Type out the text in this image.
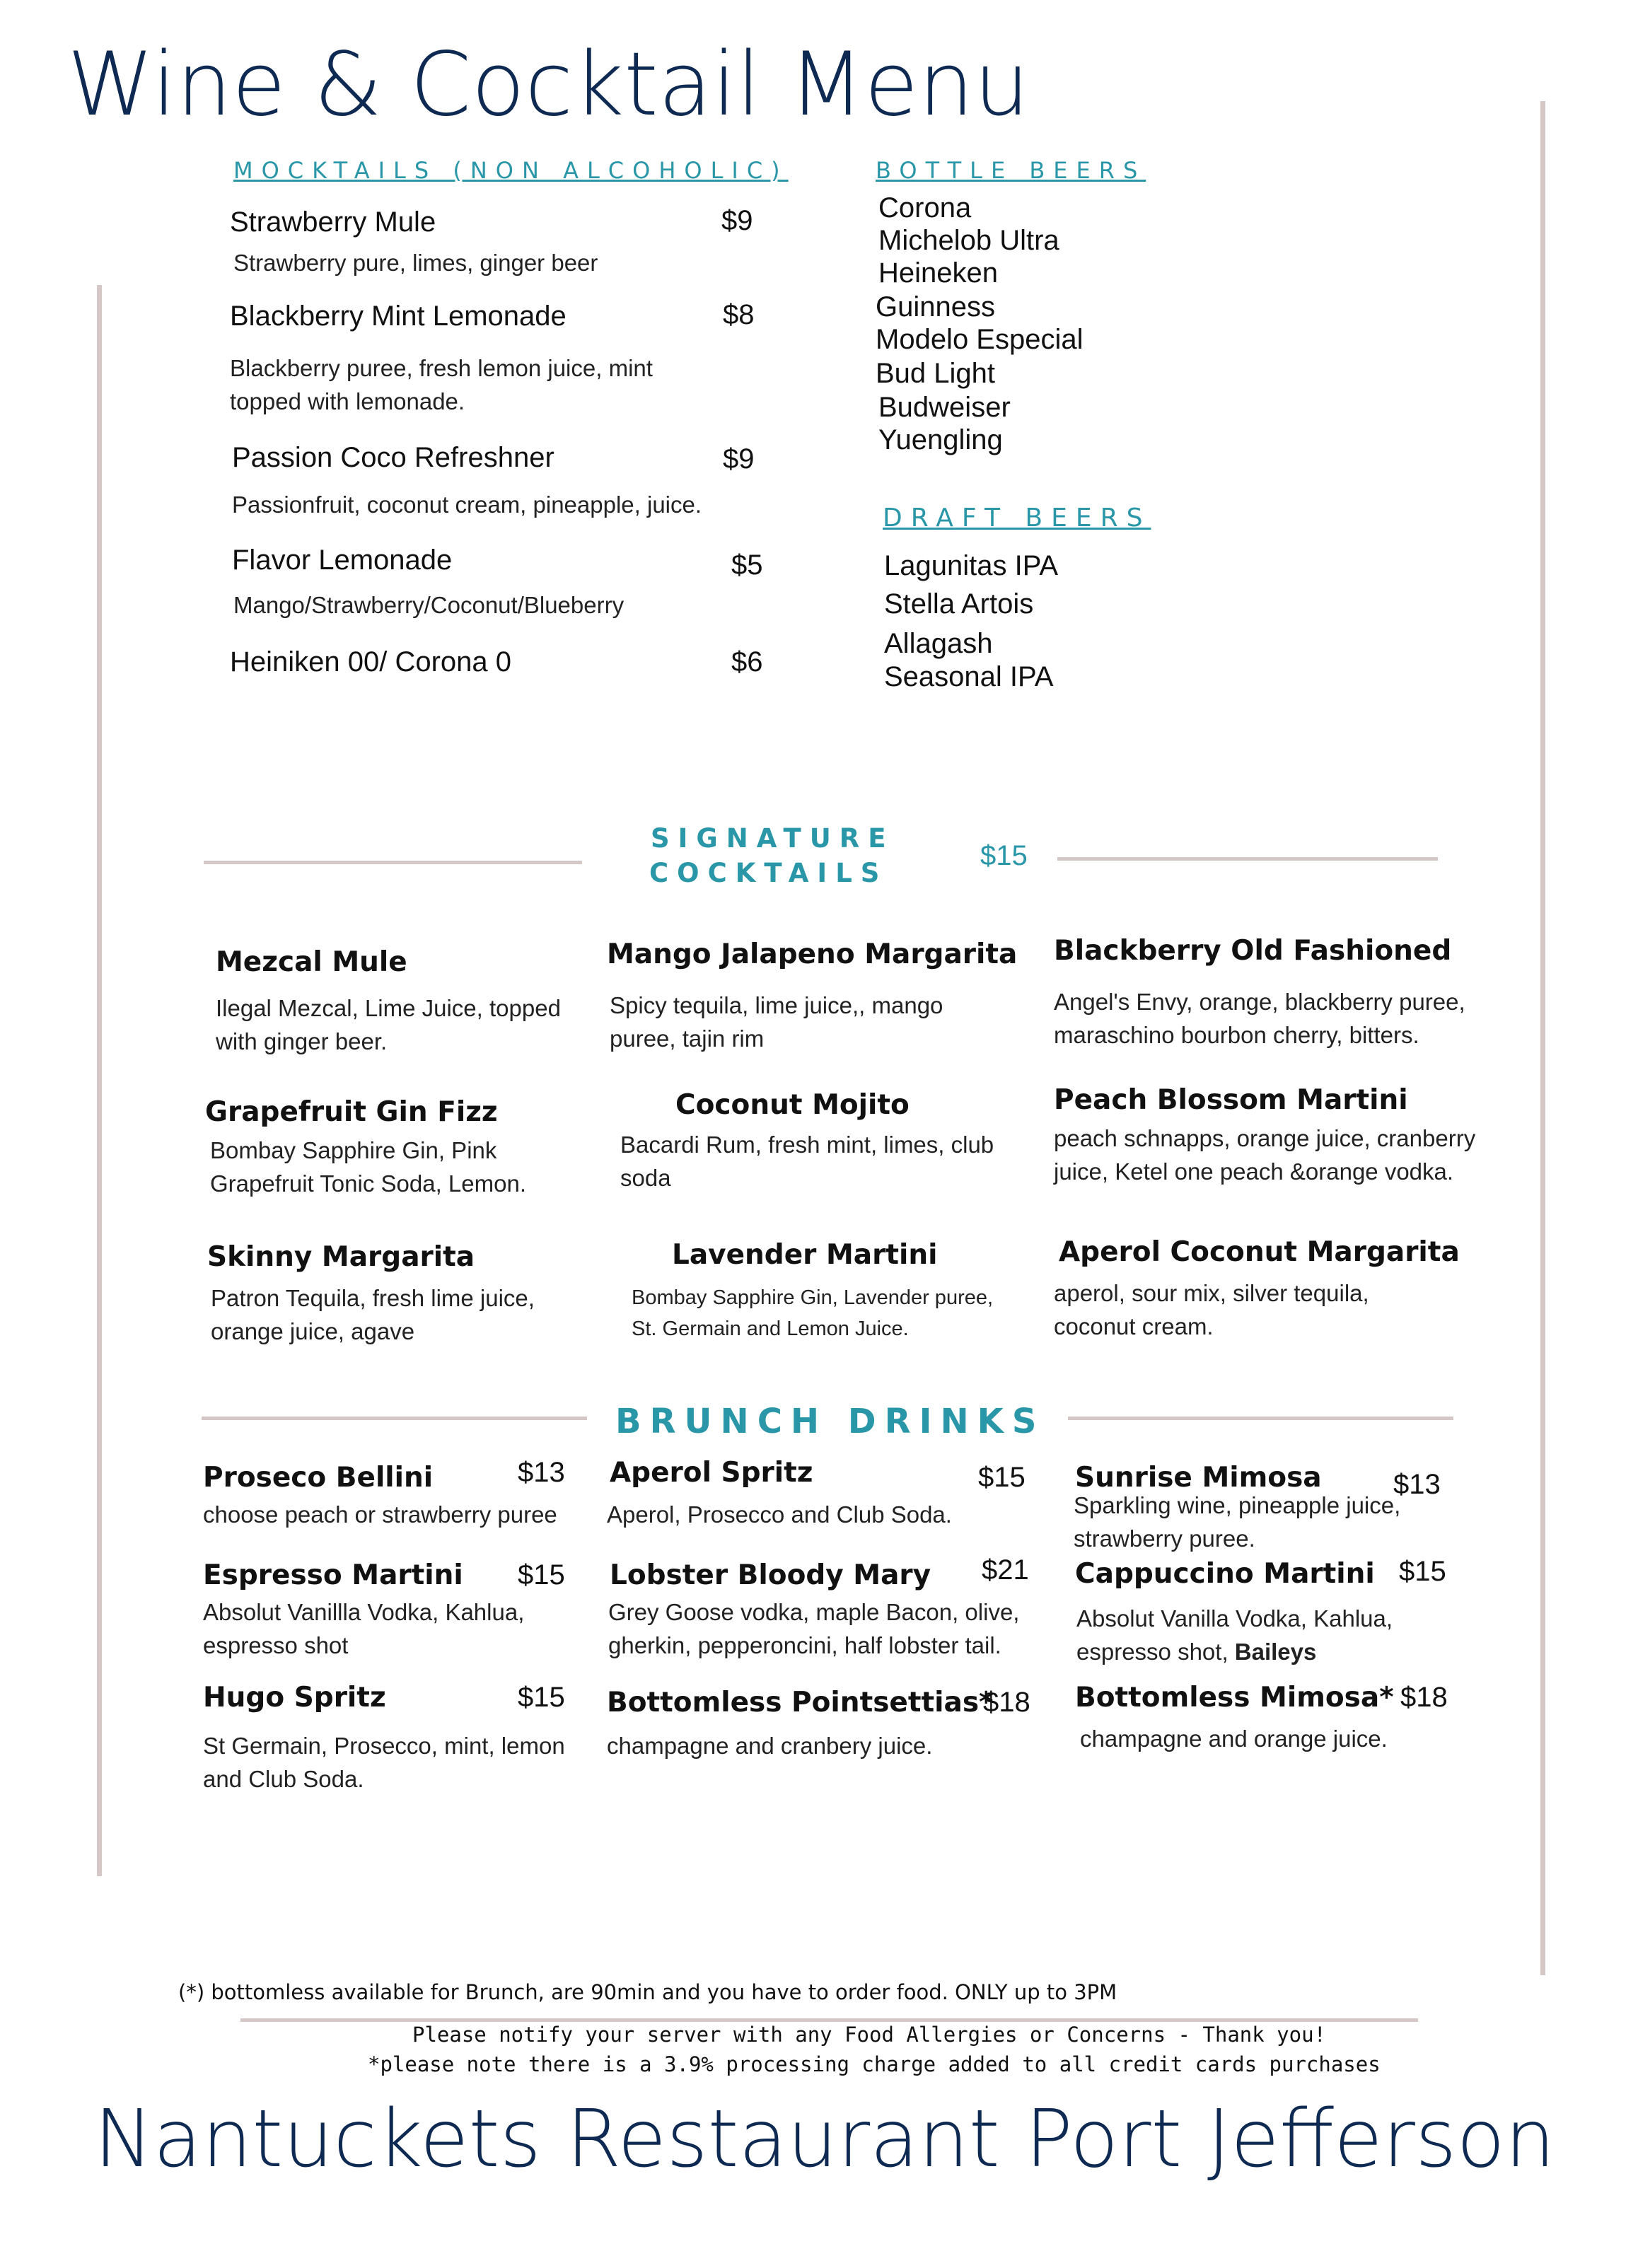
Wine & Cocktail Menu
MOCKTAILS (NON ALCOHOLIC)
Strawberry Mule	$9
Strawberry pure, limes, ginger beer
Blackberry Mint Lemonade	$8
Blackberry puree, fresh lemon juice, mint topped with lemonade.
Passion Coco Refreshner	$9
Passionfruit, coconut cream, pineapple, juice.
Flavor Lemonade	$5
Mango/Strawberry/Coconut/Blueberry
Heiniken 00/ Corona 0	$6
BOTTLE BEERS
Corona
Michelob Ultra
Heineken
Guinness
Modelo Especial
Bud Light
Budweiser
Yuengling
DRAFT BEERS
Lagunitas IPA
Stella Artois
Allagash
Seasonal IPA
SIGNATURE
COCKTAILS
$15
Mezcal Mule
Ilegal Mezcal, Lime Juice, topped with ginger beer.
Mango Jalapeno Margarita
Spicy tequila, lime juice,, mango puree, tajin rim
Blackberry Old Fashioned
Angel's Envy, orange, blackberry puree, maraschino bourbon cherry, bitters.
Grapefruit Gin Fizz
Bombay Sapphire Gin, Pink Grapefruit Tonic Soda, Lemon.
Coconut Mojito
Bacardi Rum, fresh mint, limes, club soda
Peach Blossom Martini
peach schnapps, orange juice, cranberry juice, Ketel one peach &orange vodka.
Skinny Margarita
Patron Tequila, fresh lime juice, orange juice, agave
Lavender Martini
Bombay Sapphire Gin, Lavender puree, St. Germain and Lemon Juice.
Aperol Coconut Margarita
aperol, sour mix, silver tequila, coconut cream.
BRUNCH DRINKS
Proseco Bellini	$13
choose peach or strawberry puree
Aperol Spritz	$15
Aperol, Prosecco and Club Soda.
Sunrise Mimosa	$13
Sparkling wine, pineapple juice, strawberry puree.
Espresso Martini $15
Absolut Vanillla Vodka, Kahlua, espresso shot
Lobster Bloody Mary $21
Grey Goose vodka, maple Bacon, olive, gherkin, pepperoncini, half lobster tail.
Cappuccino Martini $15
Absolut Vanilla Vodka, Kahlua, espresso shot, Baileys
Hugo Spritz	$15
St Germain, Prosecco, mint, lemon and Club Soda.
Bottomless Pointsettias*
$18
champagne and cranbery juice.
Bottomless Mimosa* $18
champagne and orange juice.
(*) bottomless available for Brunch, are 90min and you have to order food. ONLY up to 3PM
Please notify your server with any Food Allergies or Concerns - Thank you!
*please note there is a 3.9% processing charge added to all credit cards purchases
Nantuckets Restaurant Port Jefferson
